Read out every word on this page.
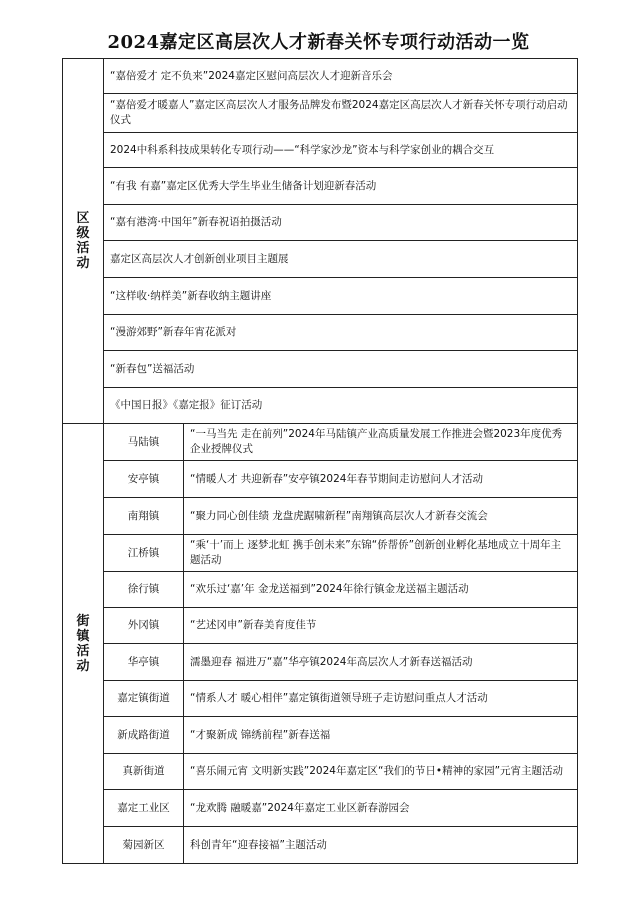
2024嘉定区高层次人才新春关怀专项行动活动一览
区级活动	“嘉倍爱才 定不负来”2024嘉定区慰问高层次人才迎新音乐会	
	“嘉倍爱才暖嘉人”嘉定区高层次人才服务品牌发布暨2024嘉定区高层次人才新春关怀专项行动启动仪式	
	2024中科系科技成果转化专项行动——“科学家沙龙”资本与科学家创业的耦合交互	
	“有我 有嘉”嘉定区优秀大学生毕业生储备计划迎新春活动	
	“嘉有港湾·中国年”新春祝语拍摄活动	
	嘉定区高层次人才创新创业项目主题展	
	“这样收·纳样美”新春收纳主题讲座	
	“漫游郊野”新春年宵花派对	
	“新春包”送福活动	
	《中国日报》《嘉定报》征订活动	
街镇活动	马陆镇	“一马当先 走在前列”2024年马陆镇产业高质量发展工作推进会暨2023年度优秀企业授牌仪式
	安亭镇	“情暖人才 共迎新春”安亭镇2024年春节期间走访慰问人才活动
	南翔镇	“聚力同心创佳绩 龙盘虎踞啸新程”南翔镇高层次人才新春交流会
	江桥镇	“乘‘十’而上 逐梦北虹 携手创未来”东锦“侨帮侨”创新创业孵化基地成立十周年主题活动
	徐行镇	“欢乐过‘嘉’年 金龙送福到”2024年徐行镇金龙送福主题活动
	外冈镇	“艺述冈申”新春美育度佳节
	华亭镇	濡墨迎春 福进万“嘉”华亭镇2024年高层次人才新春送福活动
	嘉定镇街道	“情系人才 暖心相伴”嘉定镇街道领导班子走访慰问重点人才活动
	新成路街道	“才聚新成 锦绣前程”新春送福
	真新街道	“喜乐闹元宵 文明新实践”2024年嘉定区“我们的节日•精神的家园”元宵主题活动
	嘉定工业区	“龙欢腾 融暖嘉”2024年嘉定工业区新春游园会
	菊园新区	科创青年“迎春接福”主题活动
